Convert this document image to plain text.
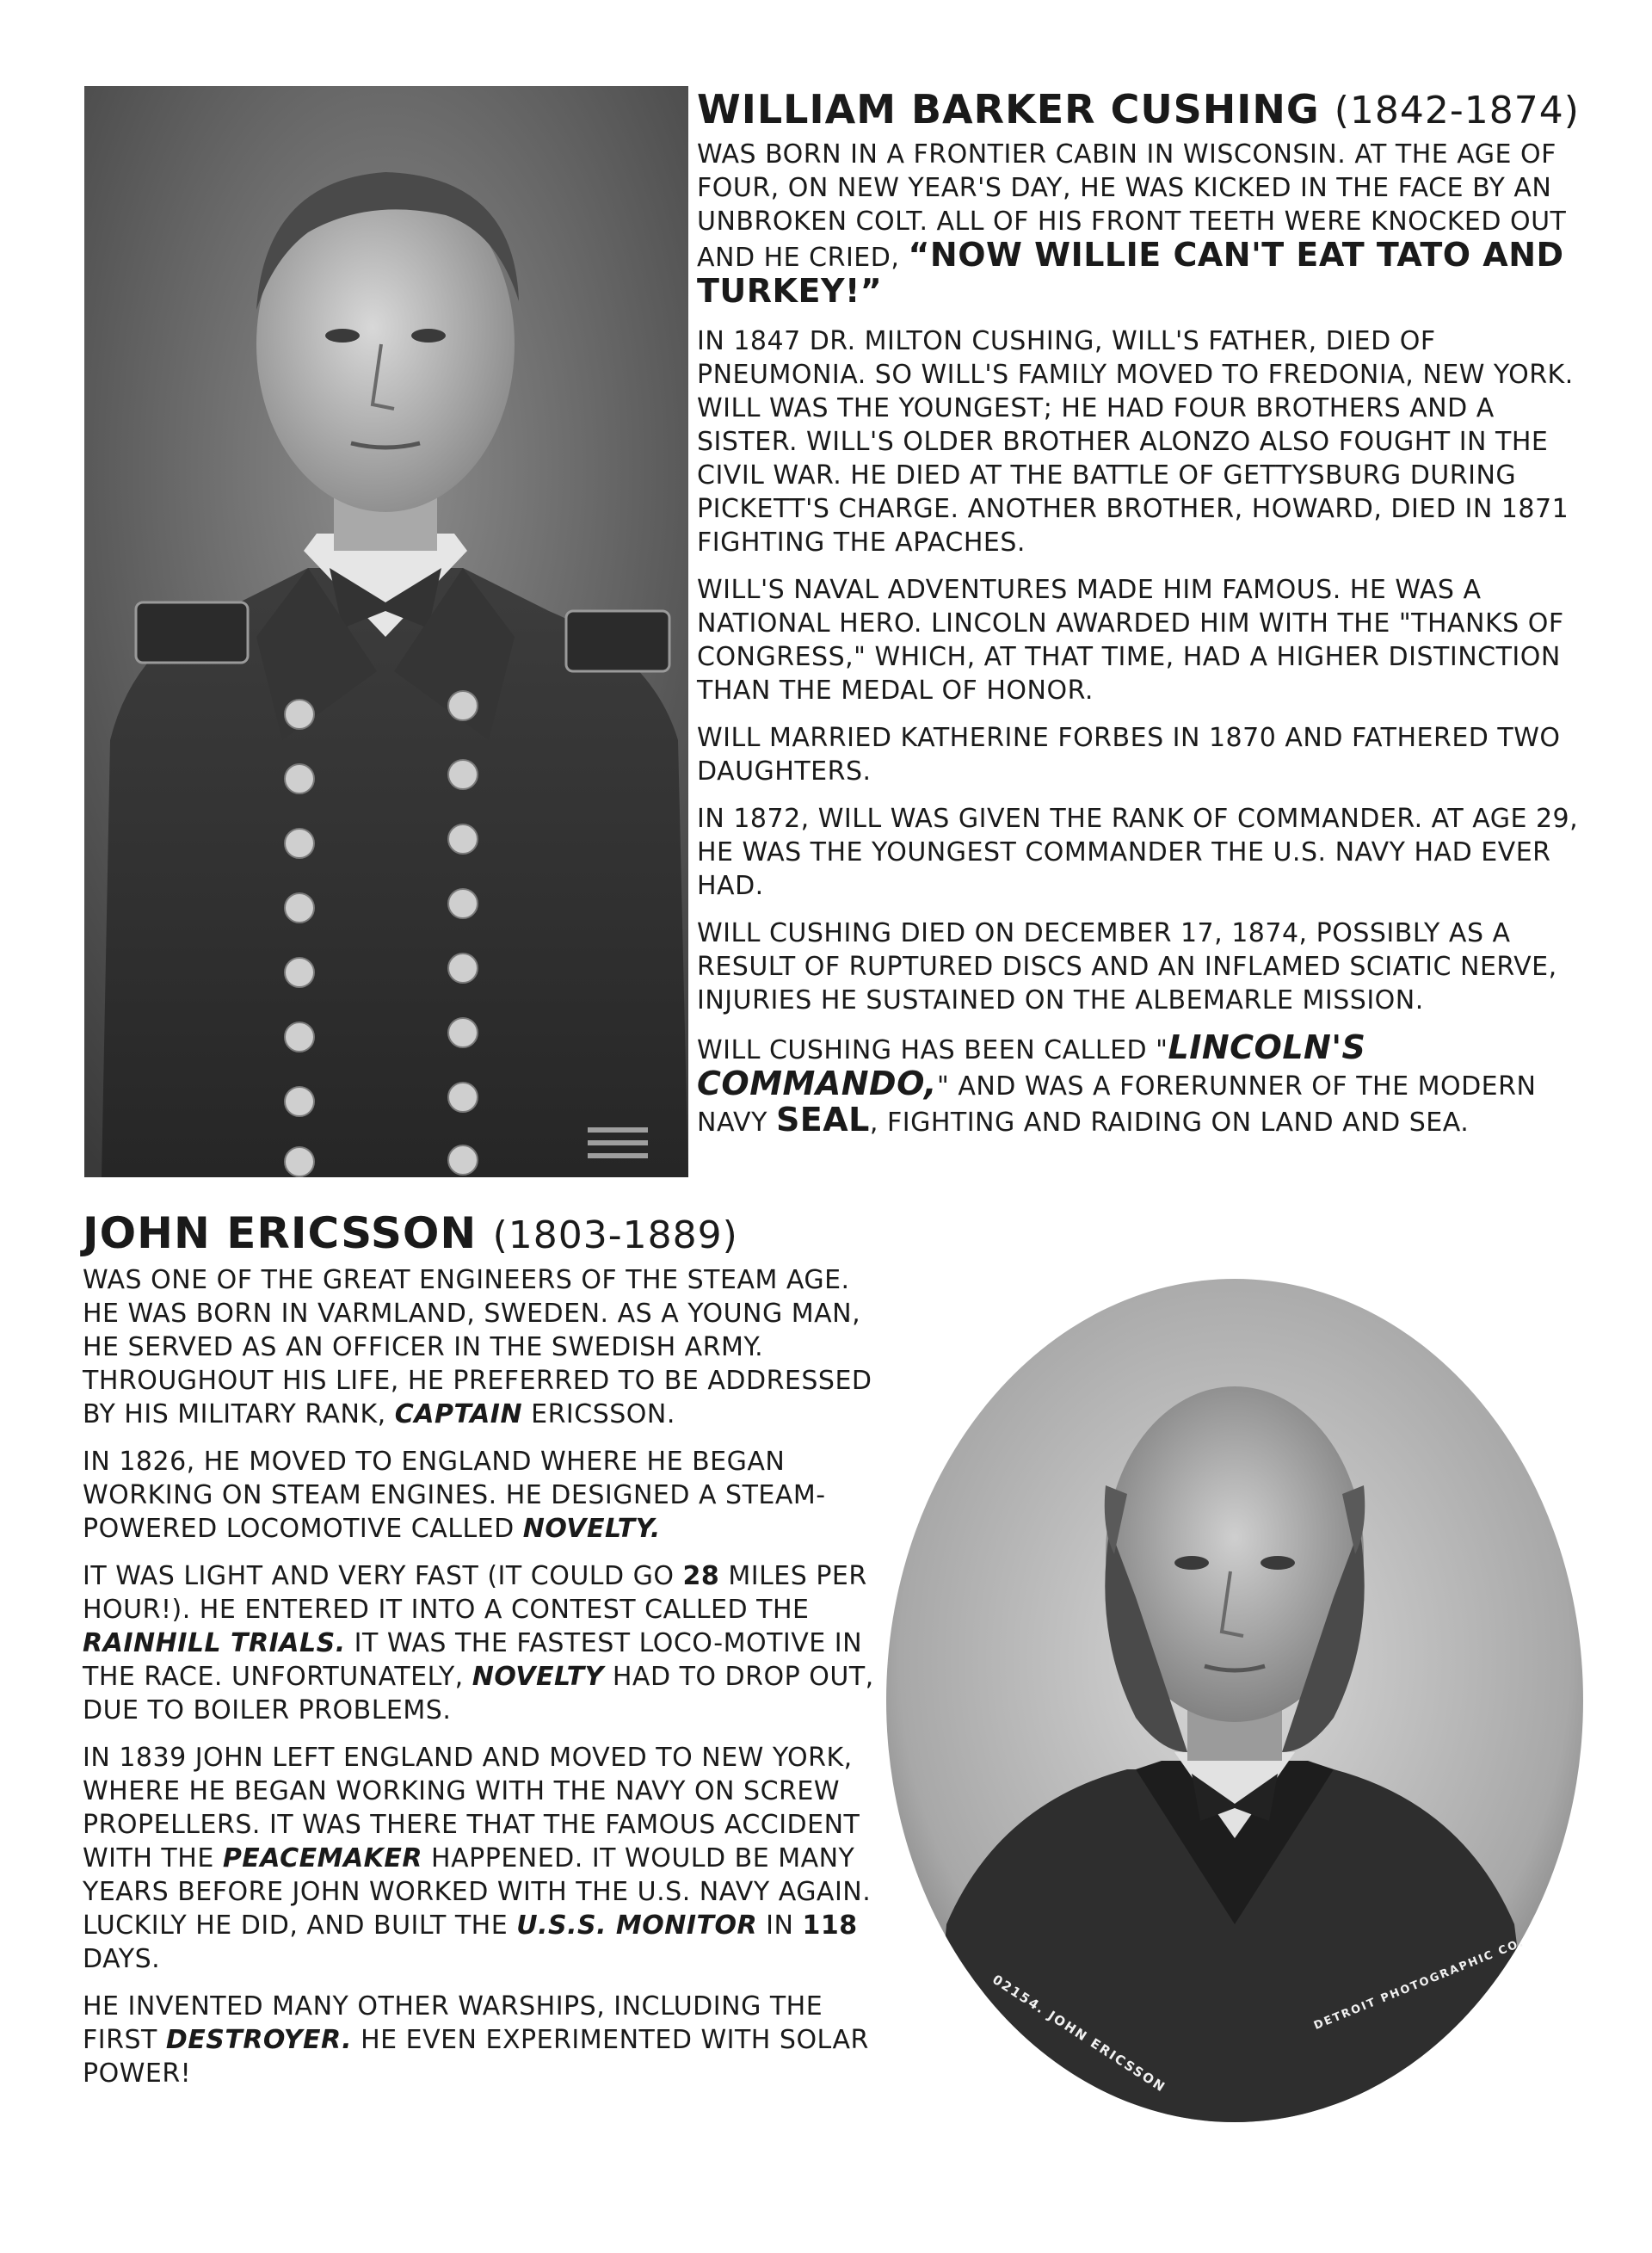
WILLIAM BARKER CUSHING (1842-1874)

WAS BORN IN A FRONTIER CABIN IN WISCONSIN. AT THE AGE OF FOUR, ON NEW YEAR'S DAY, HE WAS KICKED IN THE FACE BY AN UNBROKEN COLT. ALL OF HIS FRONT TEETH WERE KNOCKED OUT AND HE CRIED, “NOW WILLIE CAN'T EAT TATO AND TURKEY!”

IN 1847 DR. MILTON CUSHING, WILL'S FATHER, DIED OF PNEUMONIA. SO WILL'S FAMILY MOVED TO FREDONIA, NEW YORK. WILL WAS THE YOUNGEST; HE HAD FOUR BROTHERS AND A SISTER. WILL'S OLDER BROTHER ALONZO ALSO FOUGHT IN THE CIVIL WAR. HE DIED AT THE BATTLE OF GETTYSBURG DURING PICKETT'S CHARGE. ANOTHER BROTHER, HOWARD, DIED IN 1871 FIGHTING THE APACHES.

WILL'S NAVAL ADVENTURES MADE HIM FAMOUS. HE WAS A NATIONAL HERO. LINCOLN AWARDED HIM WITH THE "THANKS OF CONGRESS," WHICH, AT THAT TIME, HAD A HIGHER DISTINCTION THAN THE MEDAL OF HONOR.

WILL MARRIED KATHERINE FORBES IN 1870 AND FATHERED TWO DAUGHTERS.

IN 1872, WILL WAS GIVEN THE RANK OF COMMANDER. AT AGE 29, HE WAS THE YOUNGEST COMMANDER THE U.S. NAVY HAD EVER HAD.

WILL CUSHING DIED ON DECEMBER 17, 1874, POSSIBLY AS A RESULT OF RUPTURED DISCS AND AN INFLAMED SCIATIC NERVE, INJURIES HE SUSTAINED ON THE ALBEMARLE MISSION.

WILL CUSHING HAS BEEN CALLED "LINCOLN'S COMMANDO," AND WAS A FORERUNNER OF THE MODERN NAVY SEAL, FIGHTING AND RAIDING ON LAND AND SEA.

JOHN ERICSSON (1803-1889)

WAS ONE OF THE GREAT ENGINEERS OF THE STEAM AGE. HE WAS BORN IN VARMLAND, SWEDEN. AS A YOUNG MAN, HE SERVED AS AN OFFICER IN THE SWEDISH ARMY. THROUGHOUT HIS LIFE, HE PREFERRED TO BE ADDRESSED BY HIS MILITARY RANK, CAPTAIN ERICSSON.

IN 1826, HE MOVED TO ENGLAND WHERE HE BEGAN WORKING ON STEAM ENGINES. HE DESIGNED A STEAM-POWERED LOCOMOTIVE CALLED NOVELTY.

IT WAS LIGHT AND VERY FAST (IT COULD GO 28 MILES PER HOUR!). HE ENTERED IT INTO A CONTEST CALLED THE RAINHILL TRIALS. IT WAS THE FASTEST LOCO-MOTIVE IN THE RACE. UNFORTUNATELY, NOVELTY HAD TO DROP OUT, DUE TO BOILER PROBLEMS.

IN 1839 JOHN LEFT ENGLAND AND MOVED TO NEW YORK, WHERE HE BEGAN WORKING WITH THE NAVY ON SCREW PROPELLERS. IT WAS THERE THAT THE FAMOUS ACCIDENT WITH THE PEACEMAKER HAPPENED. IT WOULD BE MANY YEARS BEFORE JOHN WORKED WITH THE U.S. NAVY AGAIN. LUCKILY HE DID, AND BUILT THE U.S.S. MONITOR IN 118 DAYS.

HE INVENTED MANY OTHER WARSHIPS, INCLUDING THE FIRST DESTROYER. HE EVEN EXPERIMENTED WITH SOLAR POWER!	02154. JOHN ERICSSON	DETROIT PHOTOGRAPHIC CO.
